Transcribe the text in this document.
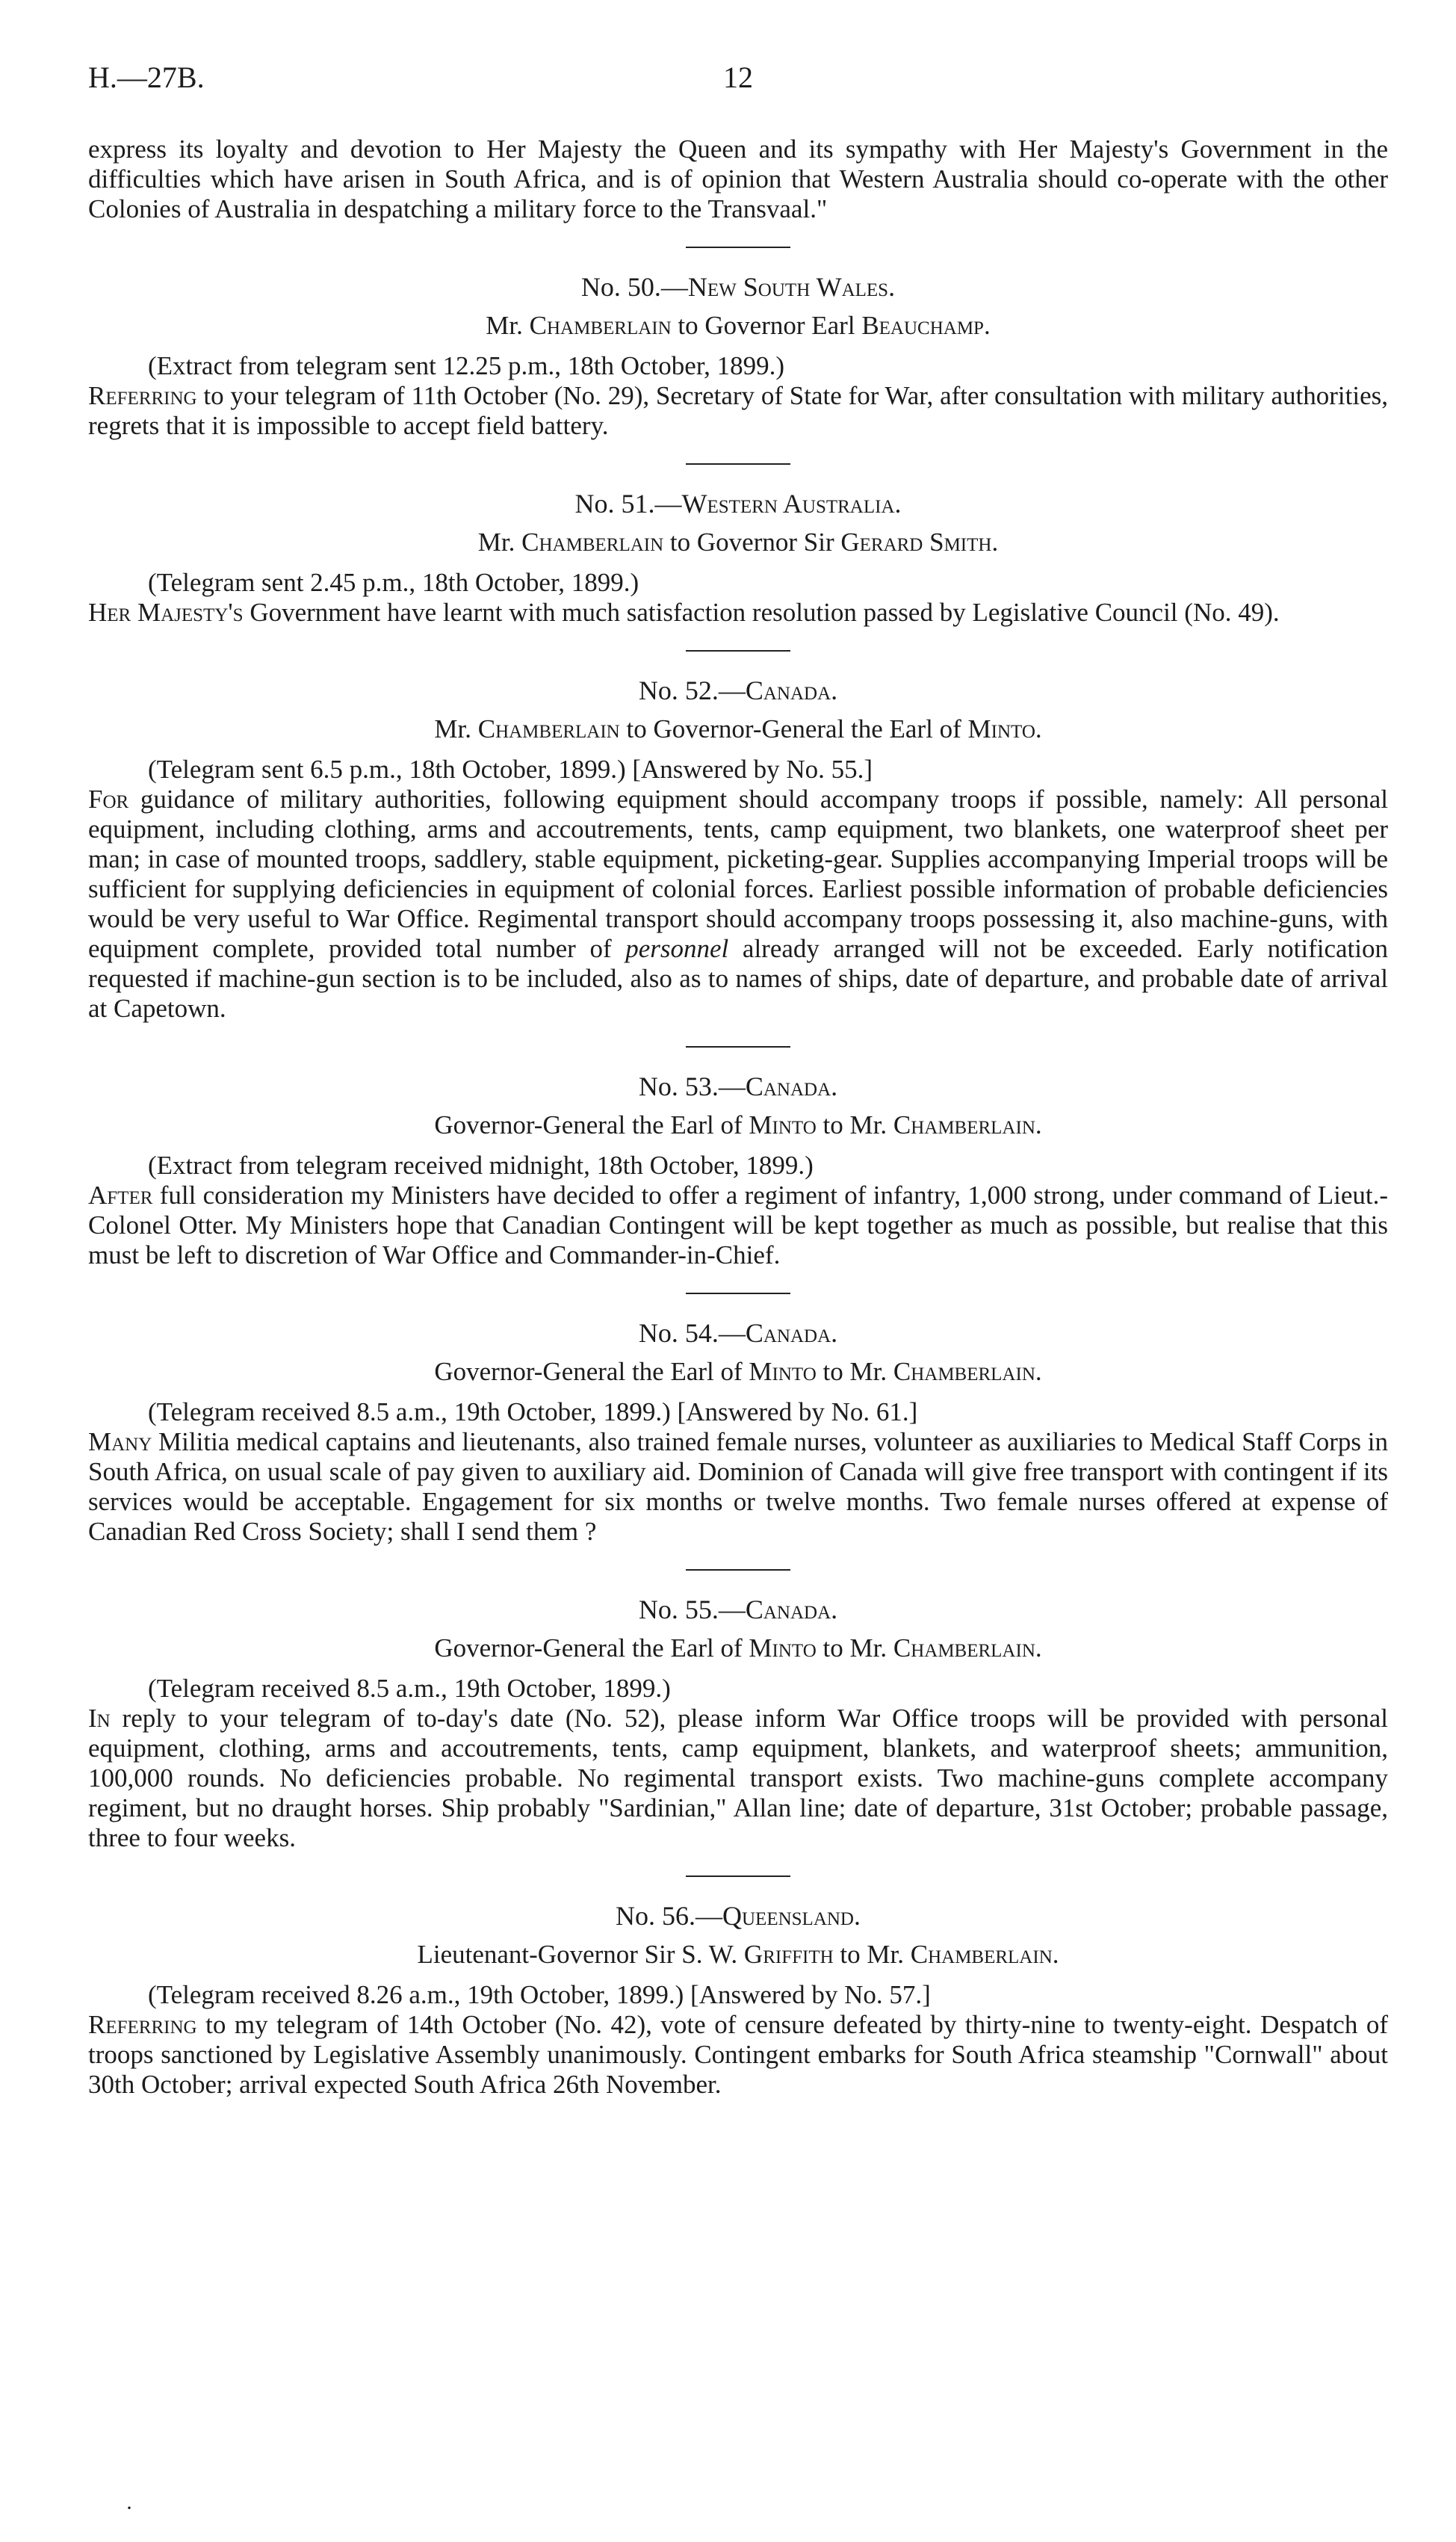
H.—27B.	12

express its loyalty and devotion to Her Majesty the Queen and its sympathy with Her Majesty's Government in the difficulties which have arisen in South Africa, and is of opinion that Western Australia should co-operate with the other Colonies of Australia in despatching a military force to the Transvaal."

No. 50.—New South Wales.

Mr. Chamberlain to Governor Earl Beauchamp.

(Extract from telegram sent 12.25 p.m., 18th October, 1899.)

Referring to your telegram of 11th October (No. 29), Secretary of State for War, after consultation with military authorities, regrets that it is impossible to accept field battery.

No. 51.—Western Australia.

Mr. Chamberlain to Governor Sir Gerard Smith.

(Telegram sent 2.45 p.m., 18th October, 1899.)

Her Majesty's Government have learnt with much satisfaction resolution passed by Legislative Council (No. 49).

No. 52.—Canada.

Mr. Chamberlain to Governor-General the Earl of Minto.

(Telegram sent 6.5 p.m., 18th October, 1899.) [Answered by No. 55.]

For guidance of military authorities, following equipment should accompany troops if possible, namely: All personal equipment, including clothing, arms and accoutrements, tents, camp equipment, two blankets, one waterproof sheet per man; in case of mounted troops, saddlery, stable equipment, picketing-gear. Supplies accompanying Imperial troops will be sufficient for supplying deficiencies in equipment of colonial forces. Earliest possible information of probable deficiencies would be very useful to War Office. Regimental transport should accompany troops possessing it, also machine-guns, with equipment complete, provided total number of personnel already arranged will not be exceeded. Early notification requested if machine-gun section is to be included, also as to names of ships, date of departure, and probable date of arrival at Capetown.

No. 53.—Canada.

Governor-General the Earl of Minto to Mr. Chamberlain.

(Extract from telegram received midnight, 18th October, 1899.)

After full consideration my Ministers have decided to offer a regiment of infantry, 1,000 strong, under command of Lieut.-Colonel Otter. My Ministers hope that Canadian Contingent will be kept together as much as possible, but realise that this must be left to discretion of War Office and Commander-in-Chief.

No. 54.—Canada.

Governor-General the Earl of Minto to Mr. Chamberlain.

(Telegram received 8.5 a.m., 19th October, 1899.) [Answered by No. 61.]

Many Militia medical captains and lieutenants, also trained female nurses, volunteer as auxiliaries to Medical Staff Corps in South Africa, on usual scale of pay given to auxiliary aid. Dominion of Canada will give free transport with contingent if its services would be acceptable. Engagement for six months or twelve months. Two female nurses offered at expense of Canadian Red Cross Society; shall I send them ?

No. 55.—Canada.

Governor-General the Earl of Minto to Mr. Chamberlain.

(Telegram received 8.5 a.m., 19th October, 1899.)

In reply to your telegram of to-day's date (No. 52), please inform War Office troops will be provided with personal equipment, clothing, arms and accoutrements, tents, camp equipment, blankets, and waterproof sheets; ammunition, 100,000 rounds. No deficiencies probable. No regimental transport exists. Two machine-guns complete accompany regiment, but no draught horses. Ship probably "Sardinian," Allan line; date of departure, 31st October; probable passage, three to four weeks.

No. 56.—Queensland.

Lieutenant-Governor Sir S. W. Griffith to Mr. Chamberlain.

(Telegram received 8.26 a.m., 19th October, 1899.) [Answered by No. 57.]

Referring to my telegram of 14th October (No. 42), vote of censure defeated by thirty-nine to twenty-eight. Despatch of troops sanctioned by Legislative Assembly unanimously. Contingent embarks for South Africa steamship "Cornwall" about 30th October; arrival expected South Africa 26th November.

·
